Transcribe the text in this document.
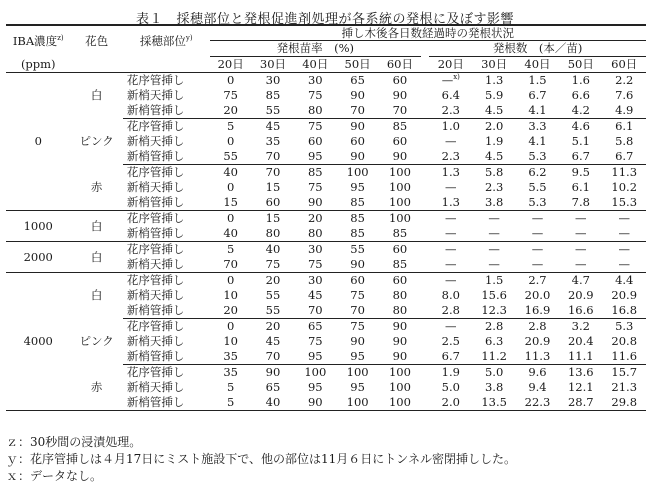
表１　採穂部位と発根促進剤処理が各系統の発根に及ぼす影響
IBA濃度$^{z)}$	花色	採穂部位$^{y)}$	挿し木後各日数経過時の発根状況										
			発根苗率　(%)						発根数　(本／苗)				
(ppm)			20日	30日	40日	50日	60日		20日	30日	40日	50日	60日
0	白	花序管挿し	0	30	30	65	60		—$^{x)}$	1.3	1.5	1.6	2.2
		新梢天挿し	75	85	75	90	90		6.4	5.9	6.7	6.6	7.6
		新梢管挿し	20	55	80	70	70		2.3	4.5	4.1	4.2	4.9
	ピンク	花序管挿し	5	45	75	90	85		1.0	2.0	3.3	4.6	6.1
		新梢天挿し	0	35	60	60	60		—	1.9	4.1	5.1	5.8
		新梢管挿し	55	70	95	90	90		2.3	4.5	5.3	6.7	6.7
	赤	花序管挿し	40	70	85	100	100		1.3	5.8	6.2	9.5	11.3
		新梢天挿し	0	15	75	95	100		—	2.3	5.5	6.1	10.2
		新梢管挿し	15	60	90	85	100		1.3	3.8	5.3	7.8	15.3
1000	白	花序管挿し	0	15	20	85	100		—	—	—	—	—
		新梢管挿し	40	80	80	85	85		—	—	—	—	—
2000	白	花序管挿し	5	40	30	55	60		—	—	—	—	—
		新梢天挿し	70	75	75	90	85		—	—	—	—	—
4000	白	花序管挿し	0	20	30	60	60		—	1.5	2.7	4.7	4.4
		新梢天挿し	10	55	45	75	80		8.0	15.6	20.0	20.9	20.9
		新梢管挿し	20	55	70	70	80		2.8	12.3	16.9	16.6	16.8
	ピンク	花序管挿し	0	20	65	75	90		—	2.8	2.8	3.2	5.3
		新梢天挿し	10	45	75	90	90		2.5	6.3	20.9	20.4	20.8
		新梢管挿し	35	70	95	95	90		6.7	11.2	11.3	11.1	11.6
	赤	花序管挿し	35	90	100	100	100		1.9	5.0	9.6	13.6	15.7
		新梢天挿し	5	65	95	95	100		5.0	3.8	9.4	12.1	21.3
		新梢管挿し	5	40	90	100	100		2.0	13.5	22.3	28.7	29.8
ｚ：30秒間の浸漬処理。
ｙ：花序管挿しは４月17日にミスト施設下で、他の部位は11月６日にトンネル密閉挿しした。
ｘ：データなし。
